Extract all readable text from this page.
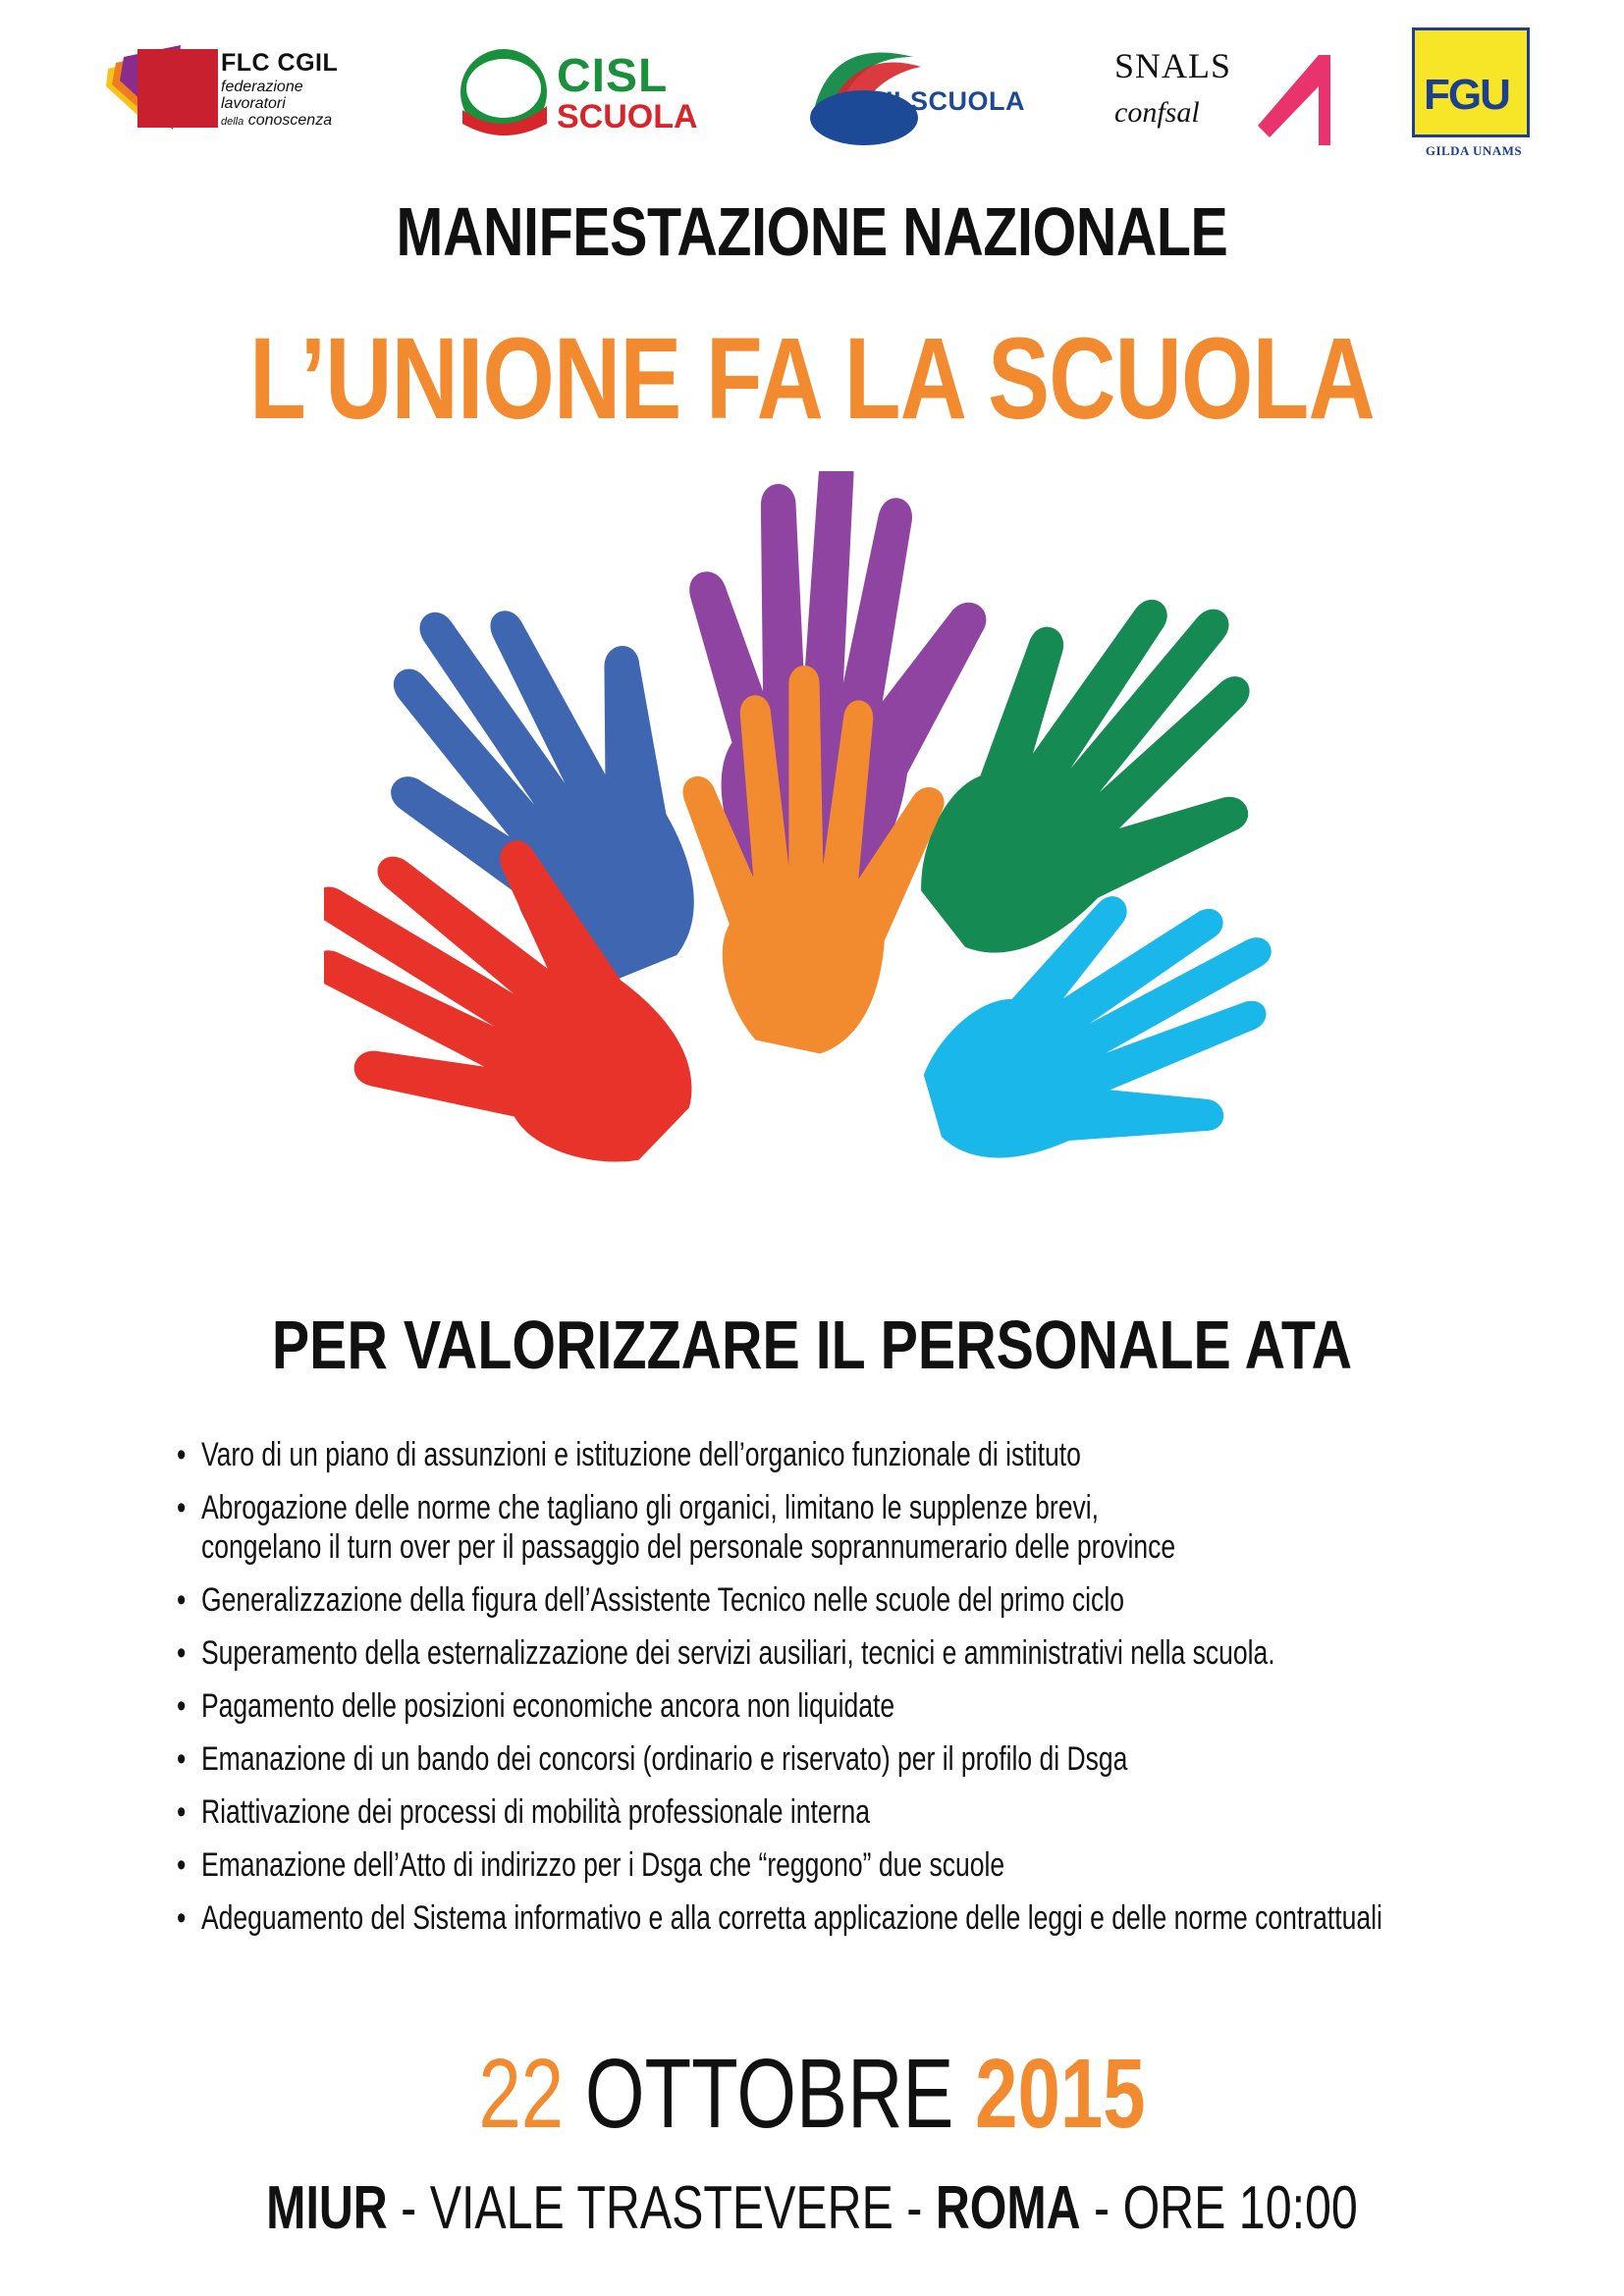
FLC CGIL
federazione
lavoratori
della conoscenza
CISL
SCUOLA	UILSCUOLA
SNALS
confsal	FGU
GILDA UNAMS
MANIFESTAZIONE NAZIONALE
L’UNIONE FA LA SCUOLA
PER VALORIZZARE IL PERSONALE ATA
• Varo di un piano di assunzioni e istituzione dell’organico funzionale di istituto
• Abrogazione delle norme che tagliano gli organici, limitano le supplenze brevi,
congelano il turn over per il passaggio del personale soprannumerario delle province
• Generalizzazione della figura dell’Assistente Tecnico nelle scuole del primo ciclo
• Superamento della esternalizzazione dei servizi ausiliari, tecnici e amministrativi nella scuola.
• Pagamento delle posizioni economiche ancora non liquidate
• Emanazione di un bando dei concorsi (ordinario e riservato) per il profilo di Dsga
• Riattivazione dei processi di mobilità professionale interna
• Emanazione dell’Atto di indirizzo per i Dsga che “reggono” due scuole
• Adeguamento del Sistema informativo e alla corretta applicazione delle leggi e delle norme contrattuali
22 OTTOBRE 2015
MIUR - VIALE TRASTEVERE - ROMA - ORE 10:00
